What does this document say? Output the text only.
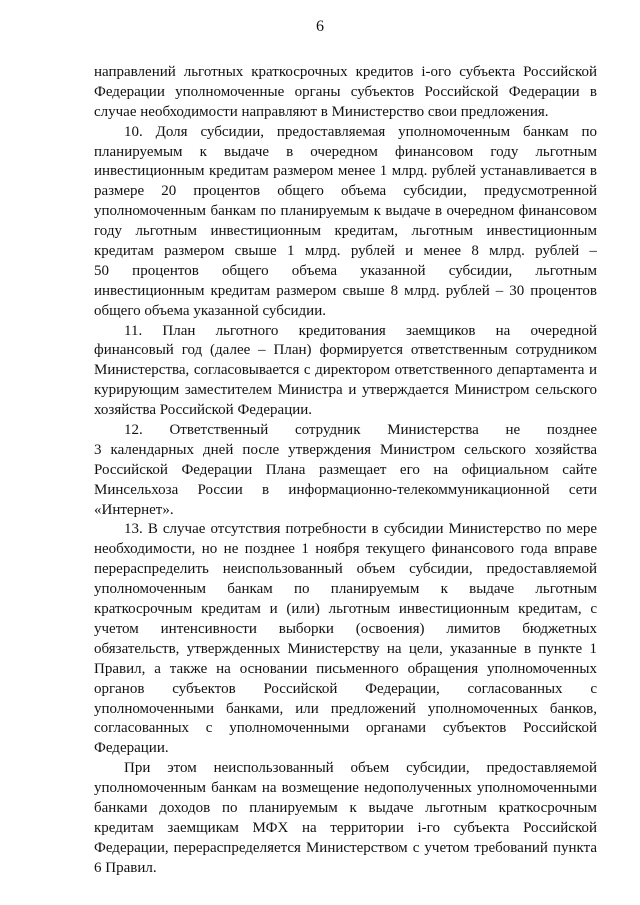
6
направлений льготных краткосрочных кредитов i-ого субъекта Российской
Федерации уполномоченные органы субъектов Российской Федерации в
случае необходимости направляют в Министерство свои предложения.
10. Доля субсидии, предоставляемая уполномоченным банкам по
планируемым к выдаче в очередном финансовом году льготным
инвестиционным кредитам размером менее 1 млрд. рублей устанавливается в
размере 20 процентов общего объема субсидии, предусмотренной
уполномоченным банкам по планируемым к выдаче в очередном финансовом
году льготным инвестиционным кредитам, льготным инвестиционным
кредитам размером свыше 1 млрд. рублей и менее 8 млрд. рублей –
50 процентов общего объема указанной субсидии, льготным
инвестиционным кредитам размером свыше 8 млрд. рублей – 30 процентов
общего объема указанной субсидии.
11. План льготного кредитования заемщиков на очередной
финансовый год (далее – План) формируется ответственным сотрудником
Министерства, согласовывается с директором ответственного департамента и
курирующим заместителем Министра и утверждается Министром сельского
хозяйства Российской Федерации.
12. Ответственный сотрудник Министерства не позднее
3 календарных дней после утверждения Министром сельского хозяйства
Российской Федерации Плана размещает его на официальном сайте
Минсельхоза России в информационно-телекоммуникационной сети
«Интернет».
13. В случае отсутствия потребности в субсидии Министерство по мере
необходимости, но не позднее 1 ноября текущего финансового года вправе
перераспределить неиспользованный объем субсидии, предоставляемой
уполномоченным банкам по планируемым к выдаче льготным
краткосрочным кредитам и (или) льготным инвестиционным кредитам, с
учетом интенсивности выборки (освоения) лимитов бюджетных
обязательств, утвержденных Министерству на цели, указанные в пункте 1
Правил, а также на основании письменного обращения уполномоченных
органов субъектов Российской Федерации, согласованных с
уполномоченными банками, или предложений уполномоченных банков,
согласованных с уполномоченными органами субъектов Российской
Федерации.
При этом неиспользованный объем субсидии, предоставляемой
уполномоченным банкам на возмещение недополученных уполномоченными
банками доходов по планируемым к выдаче льготным краткосрочным
кредитам заемщикам МФХ на территории i-го субъекта Российской
Федерации, перераспределяется Министерством с учетом требований пункта
6 Правил.
